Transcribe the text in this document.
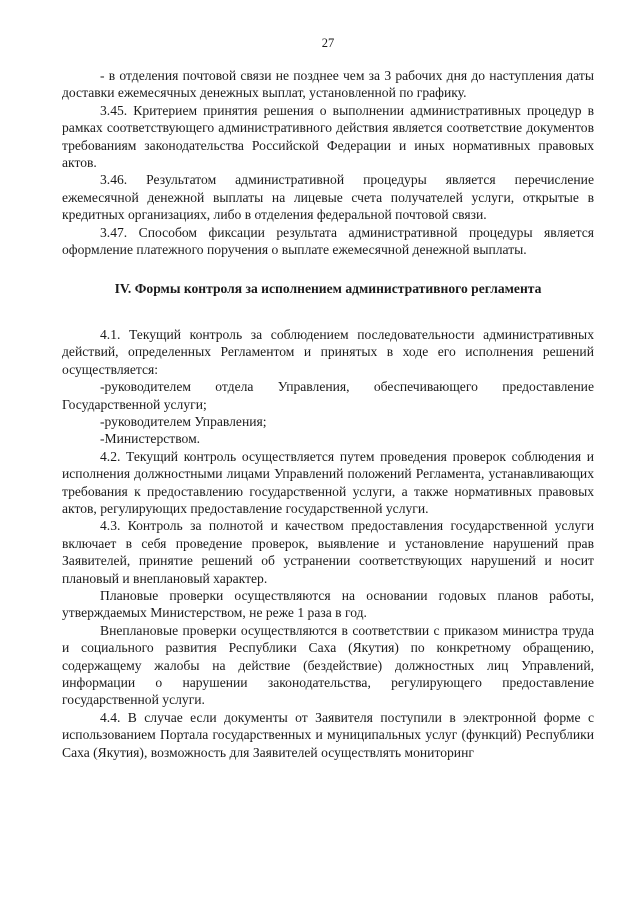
27

- в отделения почтовой связи не позднее чем за 3 рабочих дня до наступления даты доставки ежемесячных денежных выплат, установленной по графику.

3.45. Критерием принятия решения о выполнении административных процедур в рамках соответствующего административного действия является соответствие документов требованиям законодательства Российской Федерации и иных нормативных правовых актов.

3.46. Результатом административной процедуры является перечисление ежемесячной денежной выплаты на лицевые счета получателей услуги, открытые в кредитных организациях, либо в отделения федеральной почтовой связи.

3.47. Способом фиксации результата административной процедуры является оформление платежного поручения о выплате ежемесячной денежной выплаты.

IV. Формы контроля за исполнением административного регламента

4.1. Текущий контроль за соблюдением последовательности административных действий, определенных Регламентом и принятых в ходе его исполнения решений осуществляется:

-руководителем отдела Управления, обеспечивающего предоставление Государственной услуги;

-руководителем Управления;

-Министерством.

4.2. Текущий контроль осуществляется путем проведения проверок соблюдения и исполнения должностными лицами Управлений положений Регламента, устанавливающих требования к предоставлению государственной услуги, а также нормативных правовых актов, регулирующих предоставление государственной услуги.

4.3. Контроль за полнотой и качеством предоставления государственной услуги включает в себя проведение проверок, выявление и установление нарушений прав Заявителей, принятие решений об устранении соответствующих нарушений и носит плановый и внеплановый характер.

Плановые проверки осуществляются на основании годовых планов работы, утверждаемых Министерством, не реже 1 раза в год.

Внеплановые проверки осуществляются в соответствии с приказом министра труда и социального развития Республики Саха (Якутия) по конкретному обращению, содержащему жалобы на действие (бездействие) должностных лиц Управлений, информации о нарушении законодательства, регулирующего предоставление государственной услуги.

4.4. В случае если документы от Заявителя поступили в электронной форме с использованием Портала государственных и муниципальных услуг (функций) Республики Саха (Якутия), возможность для Заявителей осуществлять мониторинг
